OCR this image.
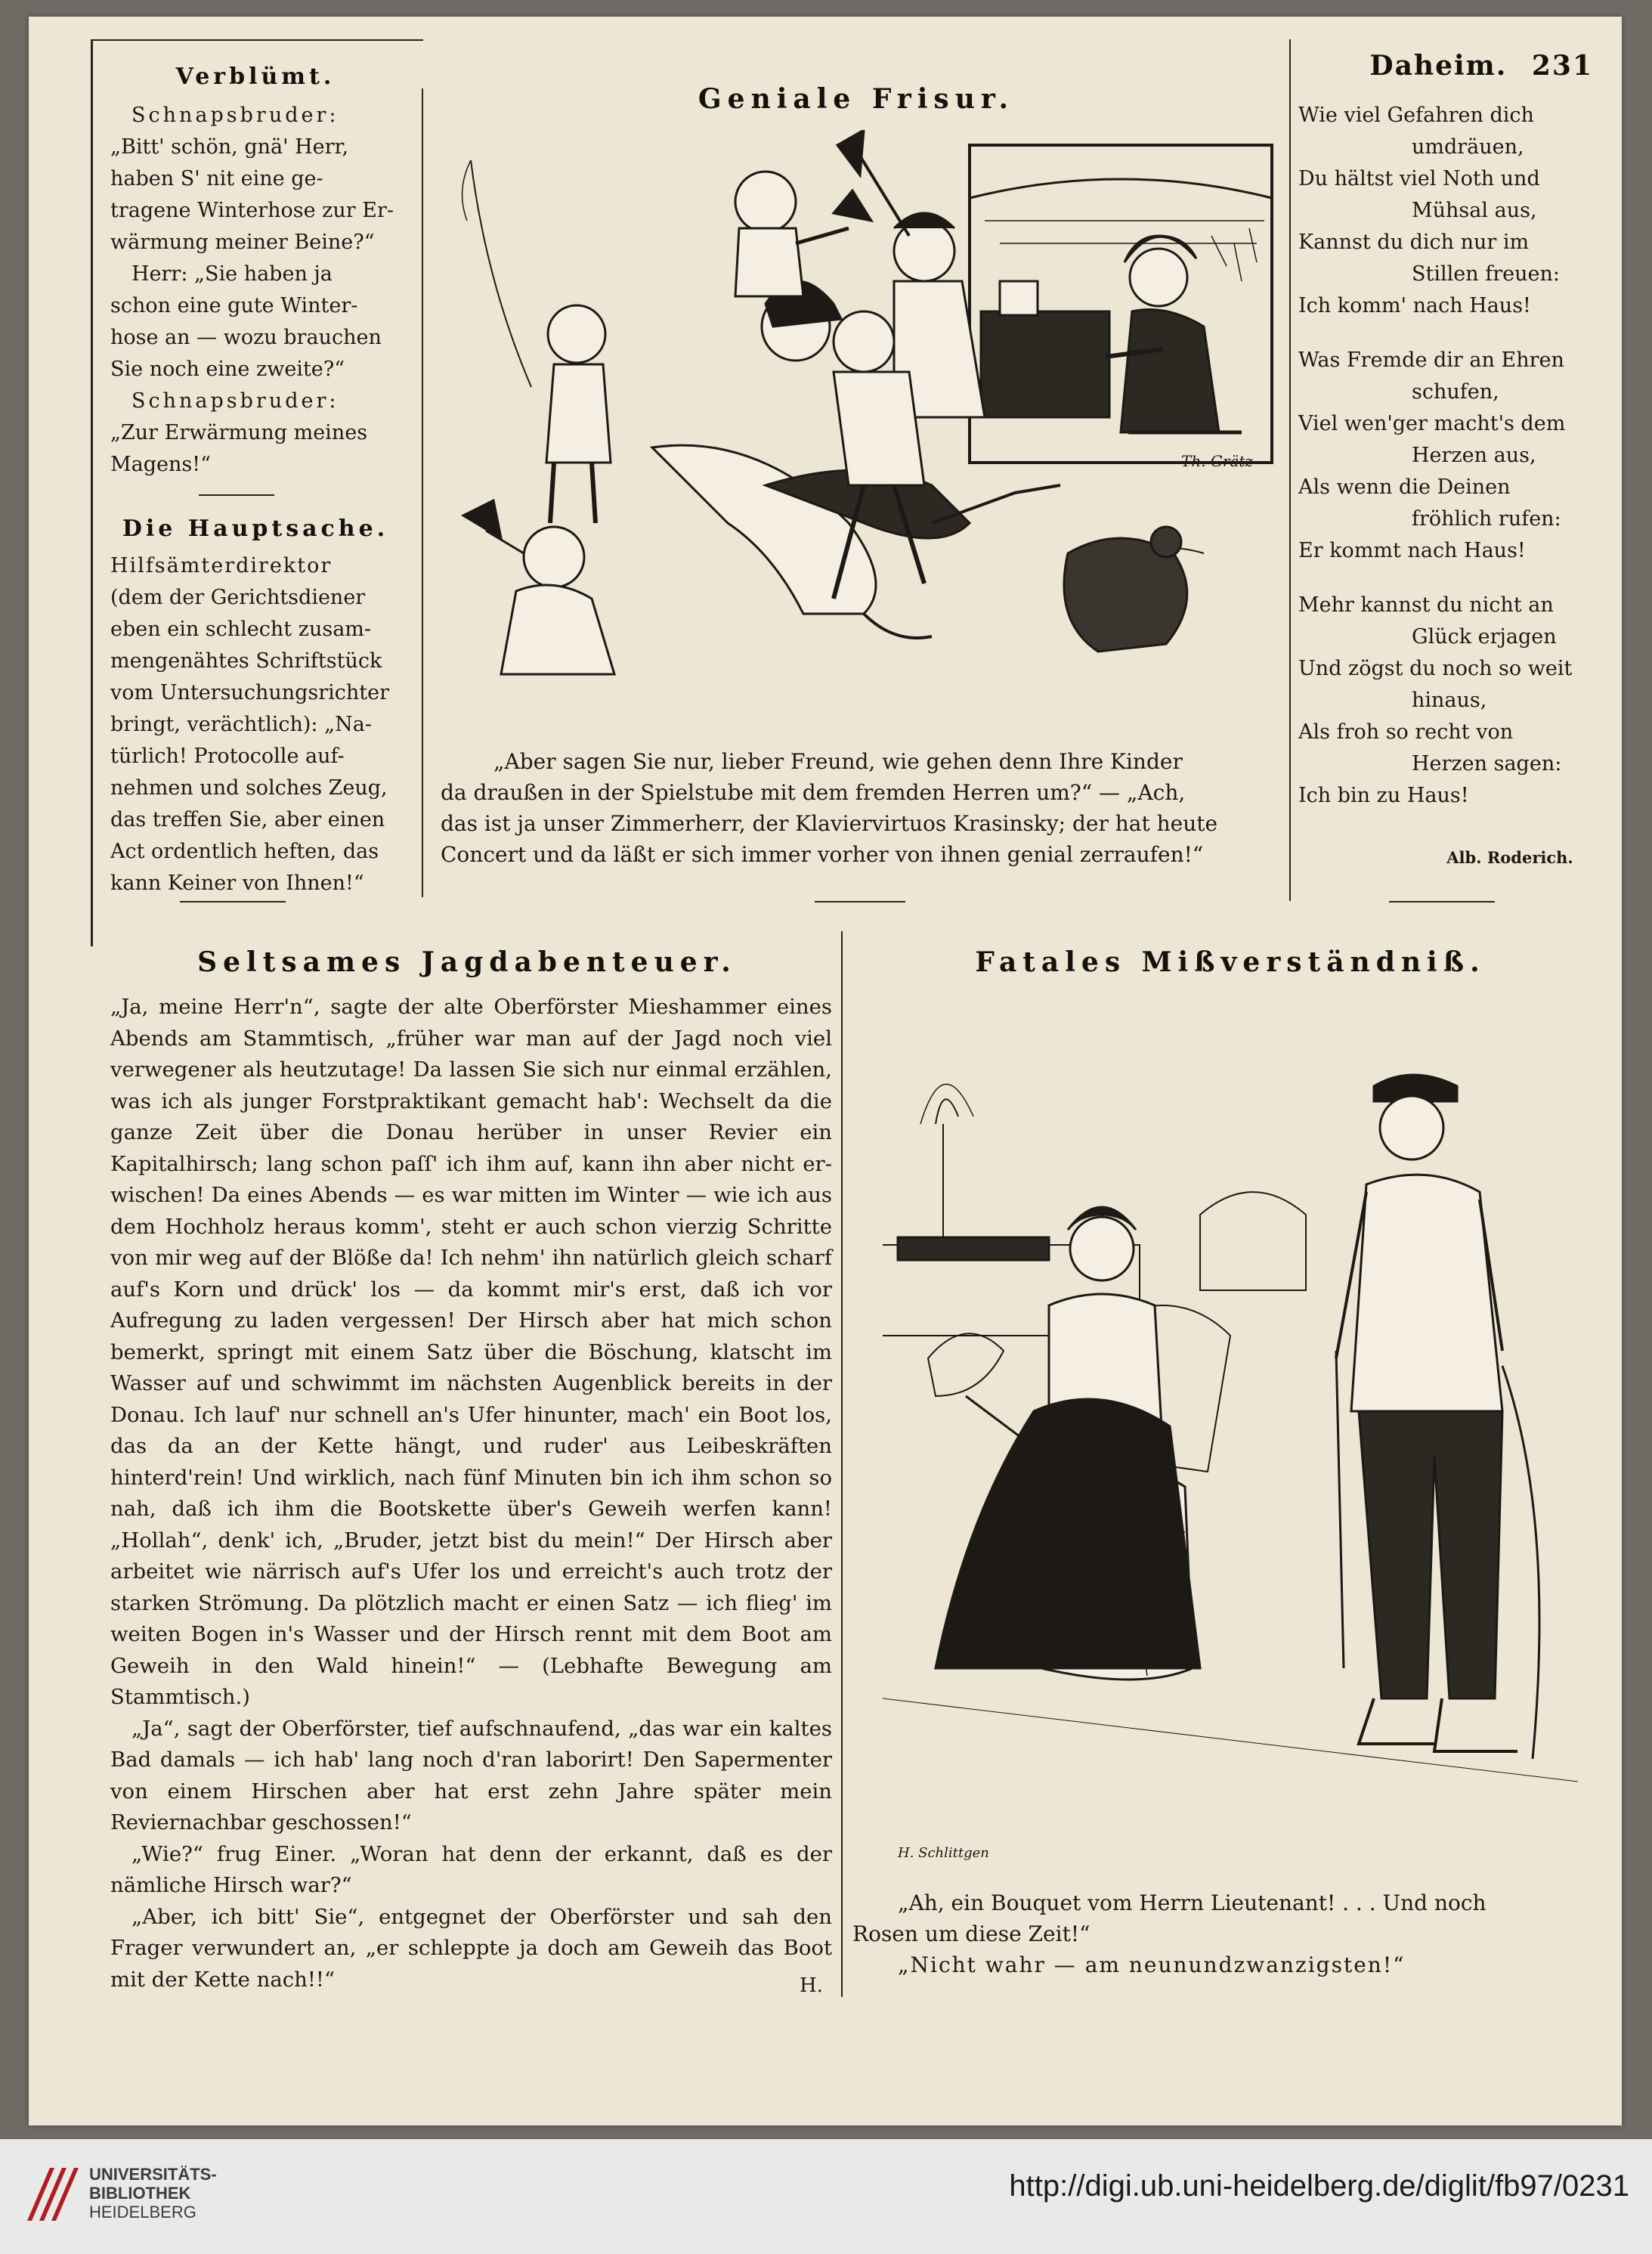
Daheim. 231
Verblümt.
Schnapsbruder:
„Bitt' schön, gnä' Herr,
haben S' nit eine ge-
tragene Winterhose zur Er-
wärmung meiner Beine?“
Herr: „Sie haben ja
schon eine gute Winter-
hose an — wozu brauchen
Sie noch eine zweite?“
Schnapsbruder:
„Zur Erwärmung meines
Magens!“
Die Hauptsache.
Hilfsämterdirektor
(dem der Gerichtsdiener
eben ein schlecht zusam-
mengenähtes Schriftstück
vom Untersuchungsrichter
bringt, verächtlich): „Na-
türlich! Protocolle auf-
nehmen und solches Zeug,
das treffen Sie, aber einen
Act ordentlich heften, das
kann Keiner von Ihnen!“
Geniale Frisur.
Th. Grätz
„Aber sagen Sie nur, lieber Freund, wie gehen denn Ihre Kinder
da draußen in der Spielstube mit dem fremden Herren um?“ — „Ach,
das ist ja unser Zimmerherr, der Klaviervirtuos Krasinsky; der hat heute
Concert und da läßt er sich immer vorher von ihnen genial zerraufen!“
Wie viel Gefahren dich
umdräuen,
Du hältst viel Noth und
Mühsal aus,
Kannst du dich nur im
Stillen freuen:
Ich komm' nach Haus!
Was Fremde dir an Ehren
schufen,
Viel wen'ger macht's dem
Herzen aus,
Als wenn die Deinen
fröhlich rufen:
Er kommt nach Haus!
Mehr kannst du nicht an
Glück erjagen
Und zögst du noch so weit
hinaus,
Als froh so recht von
Herzen sagen:
Ich bin zu Haus!
Alb. Roderich.
Seltsames Jagdabenteuer.

„Ja, meine Herr'n“, sagte der alte Oberförster Mieshammer eines Abends am Stammtisch, „früher war man auf der Jagd noch viel verwegener als heutzutage! Da lassen Sie sich nur einmal erzählen, was ich als junger Forstpraktikant gemacht hab': Wechselt da die ganze Zeit über die Donau herüber in unser Revier ein Kapitalhirsch; lang schon paſſ' ich ihm auf, kann ihn aber nicht er-wischen! Da eines Abends — es war mitten im Winter — wie ich aus dem Hochholz heraus komm', steht er auch schon vierzig Schritte von mir weg auf der Blöße da! Ich nehm' ihn natürlich gleich scharf auf's Korn und drück' los — da kommt mir's erst, daß ich vor Aufregung zu laden vergessen! Der Hirsch aber hat mich schon bemerkt, springt mit einem Satz über die Böschung, klatscht im Wasser auf und schwimmt im nächsten Augenblick bereits in der Donau. Ich lauf' nur schnell an's Ufer hinunter, mach' ein Boot los, das da an der Kette hängt, und ruder' aus Leibeskräften hinterd'rein! Und wirklich, nach fünf Minuten bin ich ihm schon so nah, daß ich ihm die Bootskette über's Geweih werfen kann! „Hollah“, denk' ich, „Bruder, jetzt bist du mein!“ Der Hirsch aber arbeitet wie närrisch auf's Ufer los und erreicht's auch trotz der starken Strömung. Da plötzlich macht er einen Satz — ich flieg' im weiten Bogen in's Wasser und der Hirsch rennt mit dem Boot am Geweih in den Wald hinein!“ — (Lebhafte Bewegung am Stammtisch.)

„Ja“, sagt der Oberförster, tief aufschnaufend, „das war ein kaltes Bad damals — ich hab' lang noch d'ran laborirt! Den Sapermenter von einem Hirschen aber hat erst zehn Jahre später mein Reviernachbar geschossen!“

„Wie?“ frug Einer. „Woran hat denn der erkannt, daß es der nämliche Hirsch war?“

„Aber, ich bitt' Sie“, entgegnet der Oberförster und sah den Frager verwundert an, „er schleppte ja doch am Geweih das Boot mit der Kette nach!!“	H.
Fatales Mißverständniß.
H. Schlittgen
„Ah, ein Bouquet vom Herrn Lieutenant! . . . Und noch
Rosen um diese Zeit!“
„Nicht wahr — am neunundzwanzigsten!“
UNIVERSITÄTS-
BIBLIOTHEK
HEIDELBERG
http://digi.ub.uni-heidelberg.de/diglit/fb97/0231
